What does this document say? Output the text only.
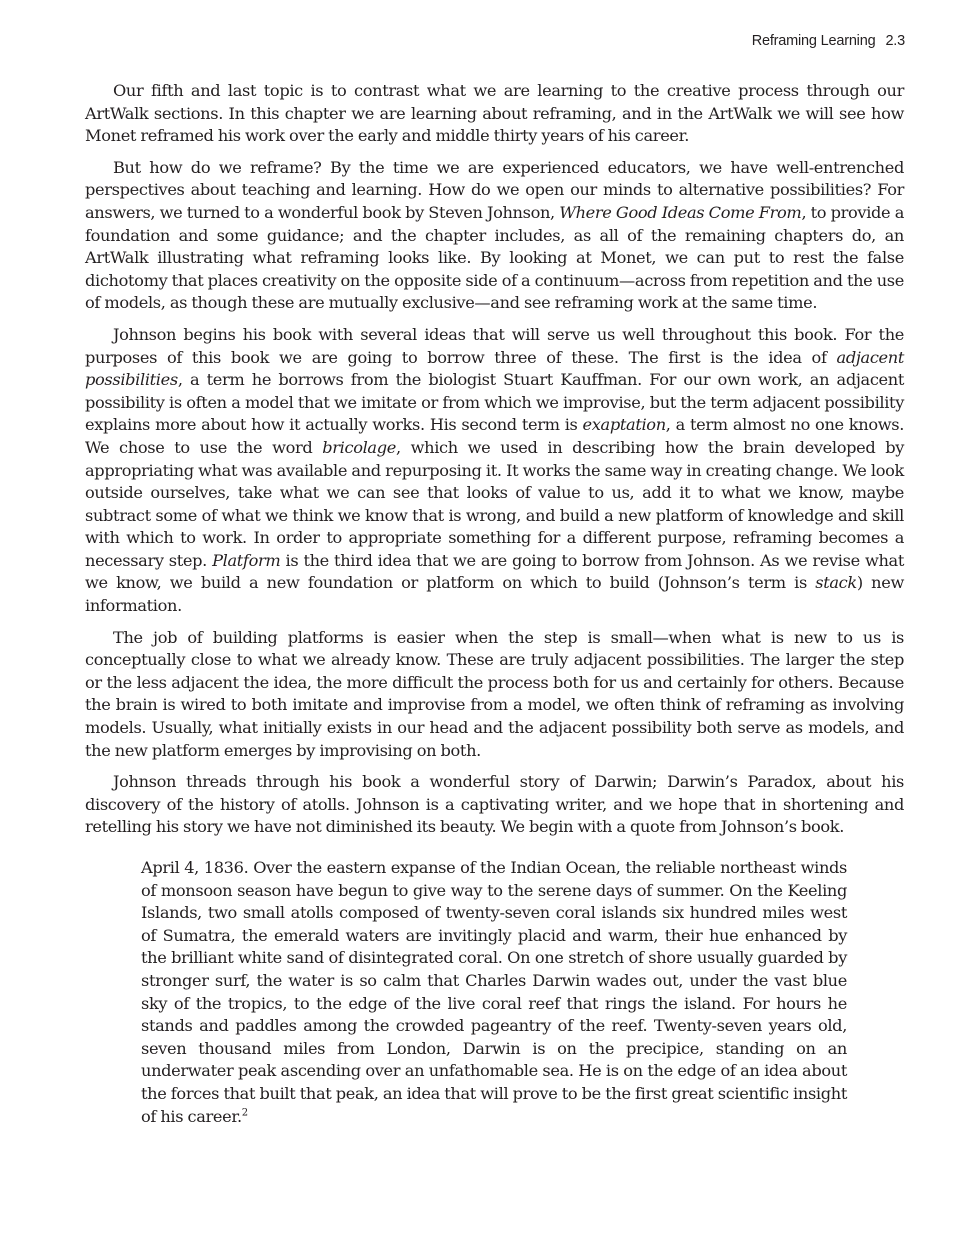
Reframing Learning 2.3

Our fifth and last topic is to contrast what we are learning to the creative process through our ArtWalk sections. In this chapter we are learning about reframing, and in the ArtWalk we will see how Monet reframed his work over the early and middle thirty years of his career.

But how do we reframe? By the time we are experienced educators, we have well-entrenched perspectives about teaching and learning. How do we open our minds to alternative possibilities? For answers, we turned to a wonderful book by Steven Johnson, Where Good Ideas Come From, to provide a foundation and some guidance; and the chapter includes, as all of the remaining chapters do, an ArtWalk illustrating what reframing looks like. By looking at Monet, we can put to rest the false dichotomy that places creativity on the opposite side of a continuum—across from repetition and the use of models, as though these are mutually exclusive—and see reframing work at the same time.

Johnson begins his book with several ideas that will serve us well throughout this book. For the purposes of this book we are going to borrow three of these. The first is the idea of adjacent possibilities, a term he borrows from the biologist Stuart Kauffman. For our own work, an adjacent possibility is often a model that we imitate or from which we improvise, but the term adjacent possibility explains more about how it actually works. His second term is exaptation, a term almost no one knows. We chose to use the word bricolage, which we used in describing how the brain developed by appropriating what was available and repurposing it. It works the same way in creating change. We look outside ourselves, take what we can see that looks of value to us, add it to what we know, maybe subtract some of what we think we know that is wrong, and build a new platform of knowledge and skill with which to work. In order to appropriate something for a different purpose, reframing becomes a necessary step. Platform is the third idea that we are going to borrow from Johnson. As we revise what we know, we build a new foundation or platform on which to build (Johnson’s term is stack) new information.

The job of building platforms is easier when the step is small—when what is new to us is conceptually close to what we already know. These are truly adjacent possibilities. The larger the step or the less adjacent the idea, the more difficult the process both for us and certainly for others. Because the brain is wired to both imitate and improvise from a model, we often think of reframing as involving models. Usually, what initially exists in our head and the adjacent possibility both serve as models, and the new platform emerges by improvising on both.

Johnson threads through his book a wonderful story of Darwin; Darwin’s Paradox, about his discovery of the history of atolls. Johnson is a captivating writer, and we hope that in shortening and retelling his story we have not diminished its beauty. We begin with a quote from Johnson’s book.

April 4, 1836. Over the eastern expanse of the Indian Ocean, the reliable northeast winds of monsoon season have begun to give way to the serene days of summer. On the Keeling Islands, two small atolls composed of twenty-seven coral islands six hundred miles west of Sumatra, the emerald waters are invitingly placid and warm, their hue enhanced by the brilliant white sand of disintegrated coral. On one stretch of shore usually guarded by stronger surf, the water is so calm that Charles Darwin wades out, under the vast blue sky of the tropics, to the edge of the live coral reef that rings the island. For hours he stands and paddles among the crowded pageantry of the reef. Twenty-seven years old, seven thousand miles from London, Darwin is on the precipice, standing on an underwater peak ascending over an unfathomable sea. He is on the edge of an idea about the forces that built that peak, an idea that will prove to be the first great scientific insight of his career.$^2$
